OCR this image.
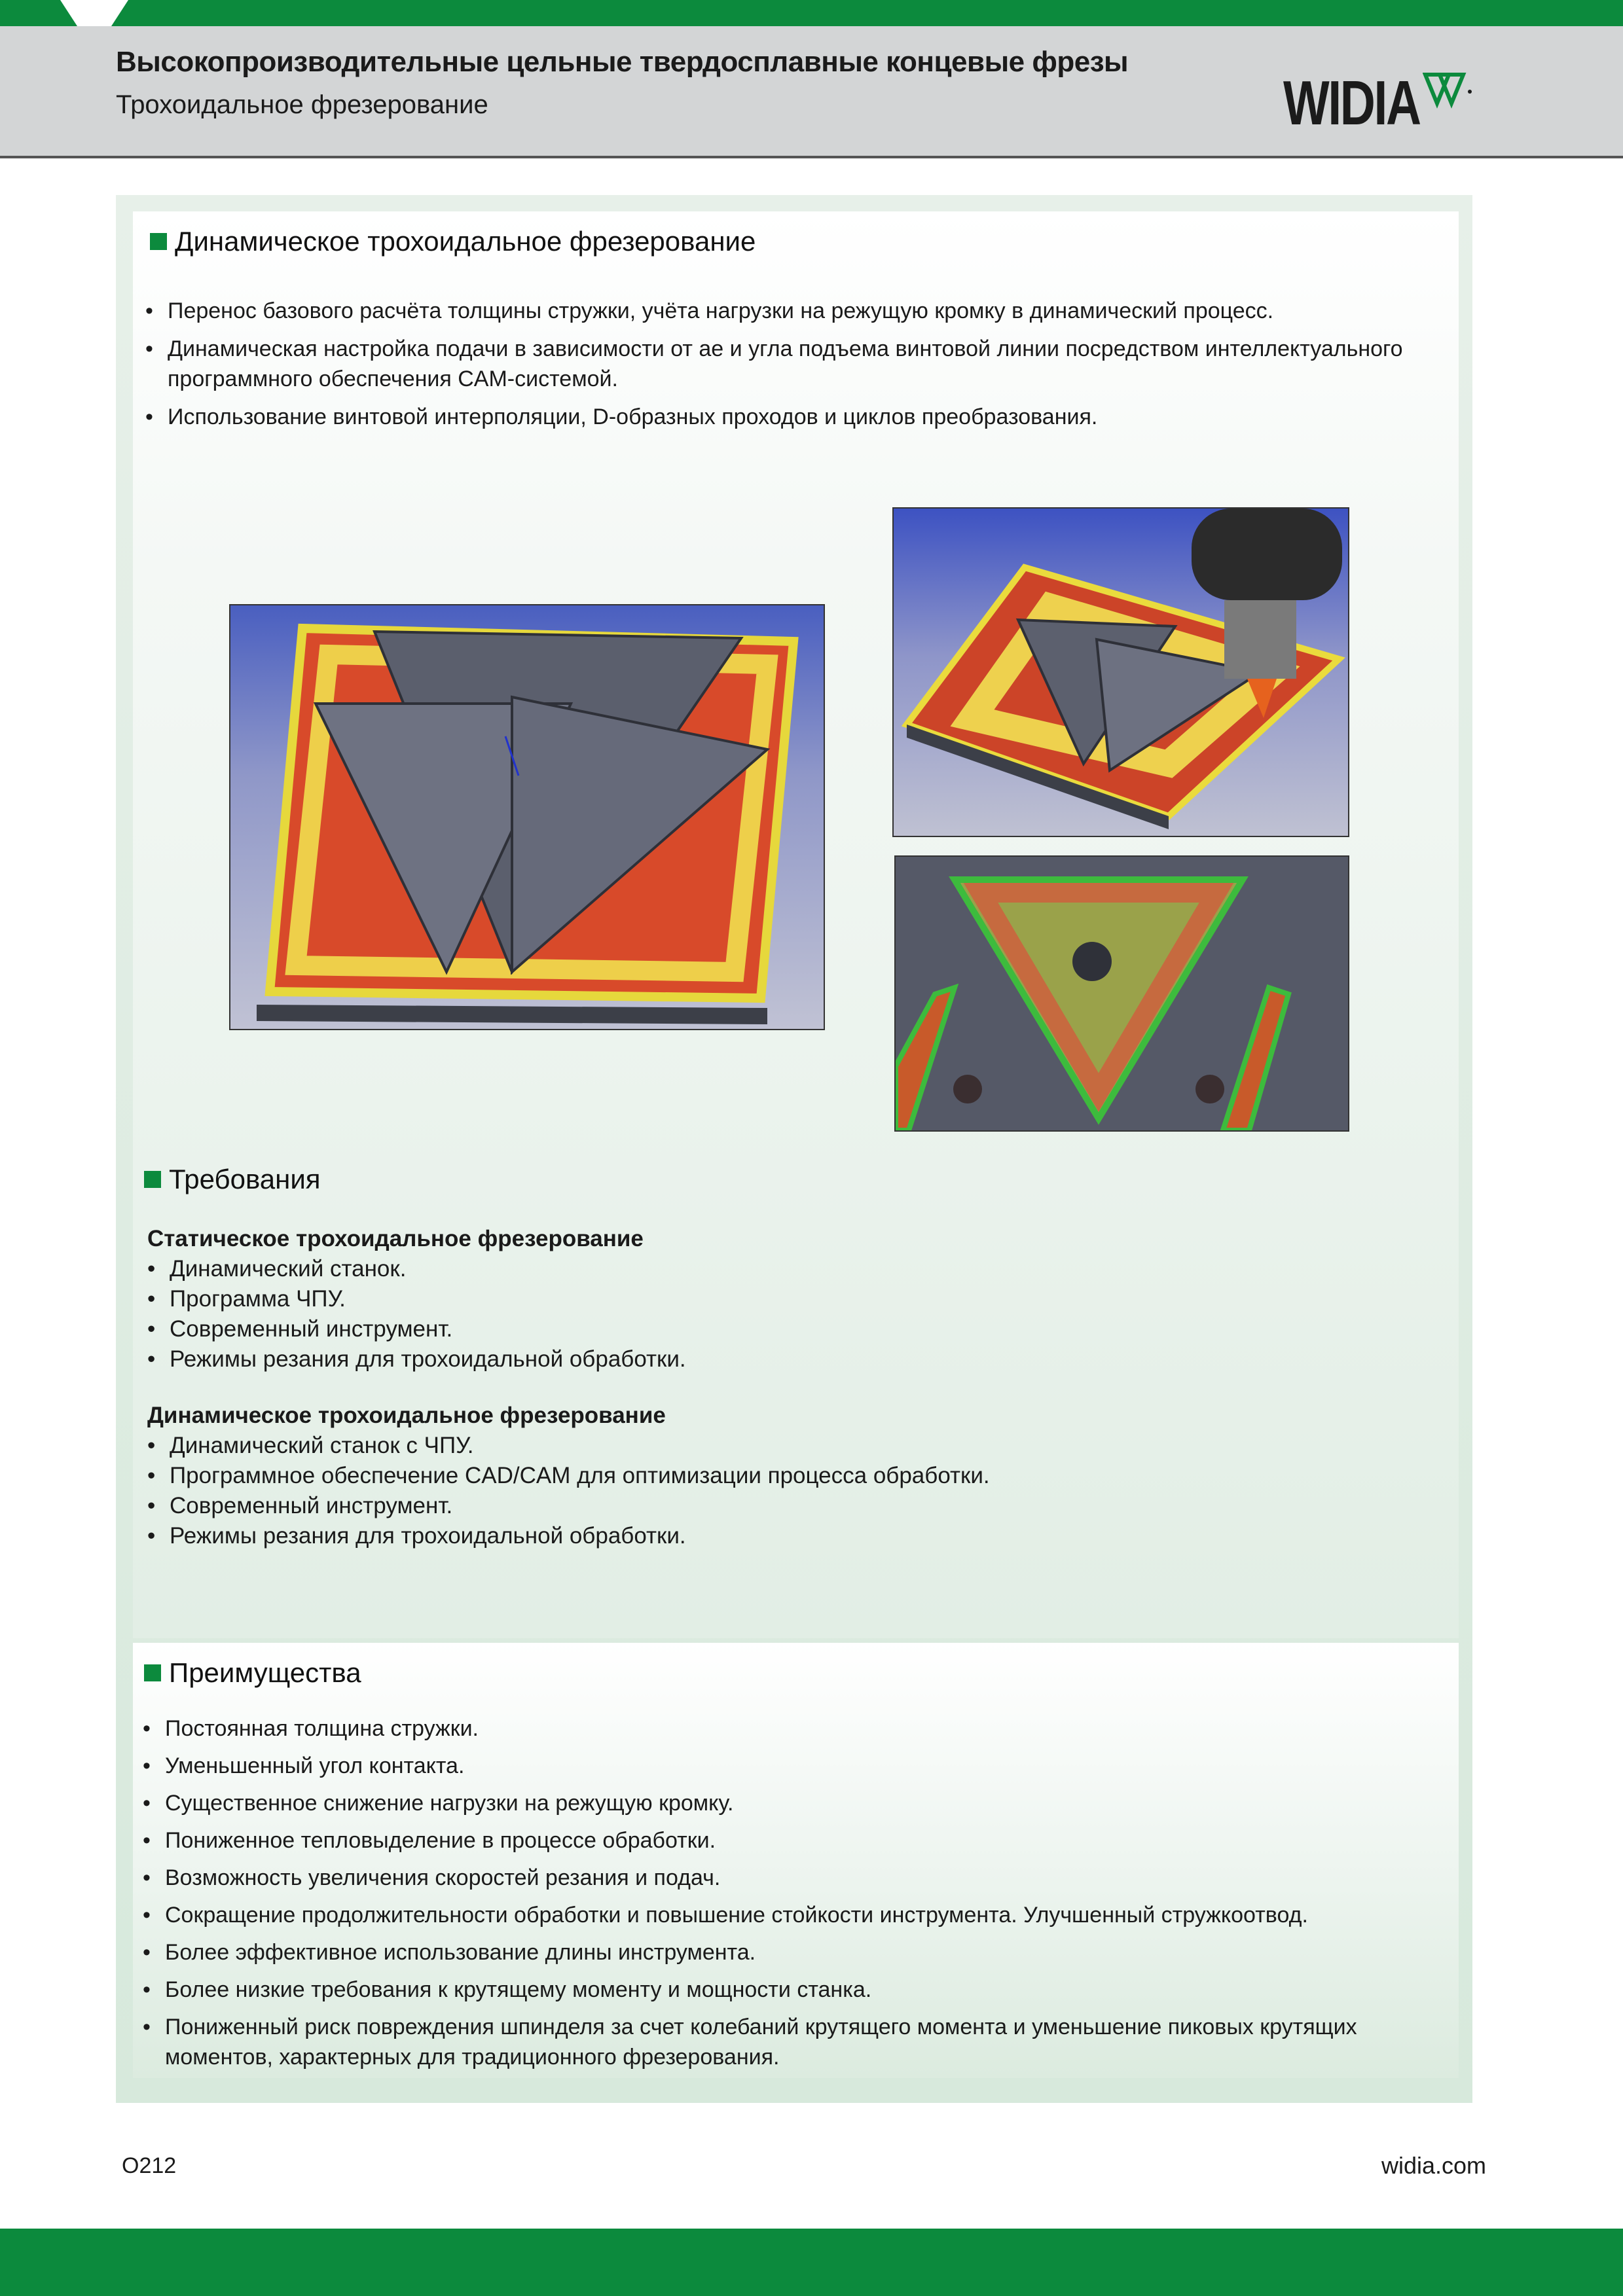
Высокопроизводительные цельные твердосплавные концевые фрезы
Трохоидальное фрезерование	WIDIA
Динамическое трохоидальное фрезерование
• Перенос базового расчёта толщины стружки, учёта нагрузки на режущую кромку в динамический процесс.
• Динамическая настройка подачи в зависимости от ae и угла подъема винтовой линии посредством интеллектуального программного обеспечения CAM-системой.
• Использование винтовой интерполяции, D-образных проходов и циклов преобразования.
Требования
Статическое трохоидальное фрезерование
• Динамический станок.
• Программа ЧПУ.
• Современный инструмент.
• Режимы резания для трохоидальной обработки.
Динамическое трохоидальное фрезерование
• Динамический станок с ЧПУ.
• Программное обеспечение CAD/CAM для оптимизации процесса обработки.
• Современный инструмент.
• Режимы резания для трохоидальной обработки.
Преимущества
• Постоянная толщина стружки.
• Уменьшенный угол контакта.
• Существенное снижение нагрузки на режущую кромку.
• Пониженное тепловыделение в процессе обработки.
• Возможность увеличения скоростей резания и подач.
• Сокращение продолжительности обработки и повышение стойкости инструмента. Улучшенный стружкоотвод.
• Более эффективное использование длины инструмента.
• Более низкие требования к крутящему моменту и мощности станка.
• Пониженный риск повреждения шпинделя за счет колебаний крутящего момента и уменьшение пиковых крутящих моментов, характерных для традиционного фрезерования.
O212	widia.com
